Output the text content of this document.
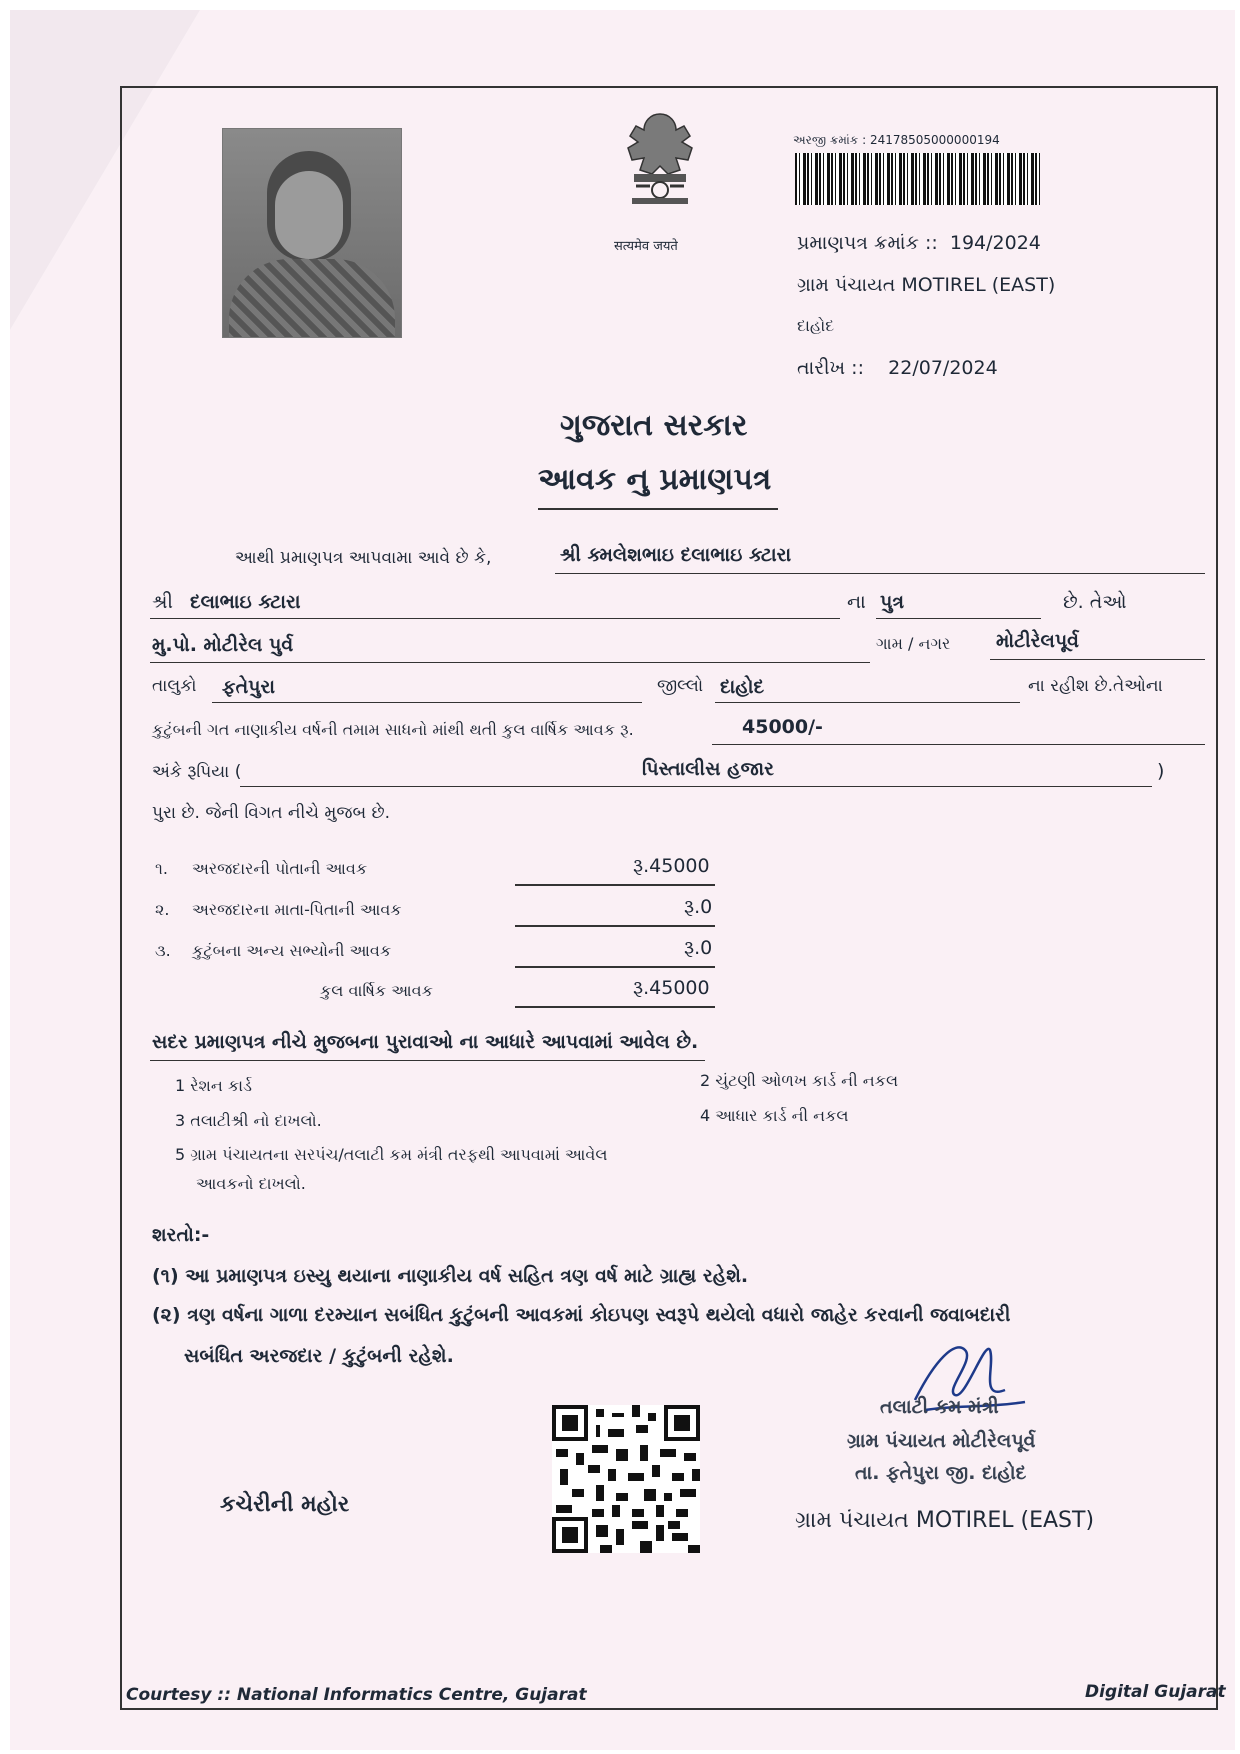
सत्यमेव जयते
અરજી ક્રમાંક : 24178505000000194
પ્રમાણપત્ર ક્રમાંક :: 194/2024
ગ્રામ પંચાયત MOTIREL (EAST)
દાહોદ
તારીખ :: 22/07/2024
ગુજરાત સરકાર
આવક નુ પ્રમાણપત્ર
આથી પ્રમાણપત્ર આપવામા આવે છે કે,	શ્રી ક્મલેશભાઇ દલાભાઇ ક્ટારા
શ્રી દલાભાઇ ક્ટારા	ના પુત્ર	છે. તેઓ
મુ.પો. મોટીરેલ પુર્વ	ગામ / નગર મોટીરેલપૂર્વ
તાલુકો ફતેપુરા	જીલ્લો દાહોદ	ના રહીશ છે.તેઓના
કુટુંબની ગત નાણાકીય વર્ષની તમામ સાધનો માંથી થતી કુલ વાર્ષિક આવક રૂ.	45000/-
અંકે રૂપિયા (	પિસ્તાલીસ હજાર	)
પુરા છે. જેની વિગત નીચે મુજબ છે.
૧. અરજદારની પોતાની આવક	રૂ.45000
૨. અરજદારના માતા-પિતાની આવક	રૂ.0
૩. કુટુંબના અન્ય સભ્યોની આવક	રૂ.0
કુલ વાર્ષિક આવક	રૂ.45000
સદર પ્રમાણપત્ર નીચે મુજબના પુરાવાઓ ના આધારે આપવામાં આવેલ છે.
1 રેશન કાર્ડ	2 ચુંટણી ઓળખ કાર્ડ ની નકલ
3 તલાટીશ્રી નો દાખલો.	4 આધાર કાર્ડ ની નકલ
5 ગ્રામ પંચાયતના સરપંચ/તલાટી કમ મંત્રી તરફથી આપવામાં આવેલ
આવકનો દાખલો.
શરતો:-
(૧) આ પ્રમાણપત્ર ઇસ્યુ થયાના નાણાકીય વર્ષ સહિત ત્રણ વર્ષ માટે ગ્રાહ્ય રહેશે.
(૨) ત્રણ વર્ષના ગાળા દરમ્યાન સબંધિત કુટુંબની આવકમાં કોઇપણ સ્વરૂપે થયેલો વધારો જાહેર કરવાની જવાબદારી
સબંધિત અરજદાર / કુટુંબની રહેશે.
તલાટી કમ મંત્રી
ગ્રામ પંચાયત મોટીરેલપૂર્વ
તા. ફતેપુરા જી. દાહોદ
કચેરીની મહોર
ગ્રામ પંચાયત MOTIREL (EAST)
Courtesy :: National Informatics Centre, Gujarat	Digital Gujarat
